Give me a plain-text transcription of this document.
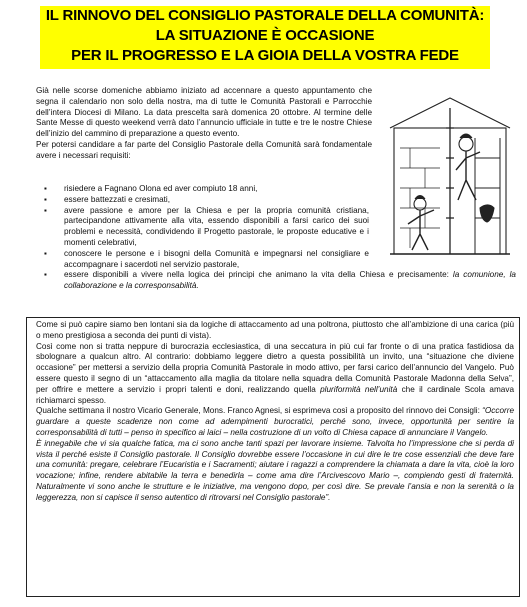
IL RINNOVO DEL CONSIGLIO PASTORALE DELLA COMUNITÀ:
LA SITUAZIONE È OCCASIONE
PER IL PROGRESSO E LA GIOIA DELLA VOSTRA FEDE

Già nelle scorse domeniche abbiamo iniziato ad accennare a questo appuntamento che segna il calendario non solo della nostra, ma di tutte le Comunità Pastorali e Parrocchie dell’intera Diocesi di Milano. La data prescelta sarà domenica 20 ottobre. Al termine delle Sante Messe di questo weekend verrà dato l’annuncio ufficiale in tutte e tre le nostre Chiese dell’inizio del cammino di preparazione a questo evento.

Per potersi candidare a far parte del Consiglio Pastorale della Comunità sarà fondamentale avere i necessari requisiti:

▪ risiedere a Fagnano Olona ed aver compiuto 18 anni,
▪ essere battezzati e cresimati,
▪ avere passione e amore per la Chiesa e per la propria comunità cristiana, partecipandone attivamente alla vita, essendo disponibili a farsi carico dei suoi problemi e necessità, condividendo il Progetto pastorale, le proposte educative e i momenti celebrativi,
▪ conoscere le persone e i bisogni della Comunità e impegnarsi nel consigliare e accompagnare i sacerdoti nel servizio pastorale,
▪ essere disponibili a vivere nella logica dei principi che animano la vita della Chiesa e precisamente: la comunione, la collaborazione e la corresponsabilità.

Come si può capire siamo ben lontani sia da logiche di attaccamento ad una poltrona, piuttosto che all’ambizione di una carica (più o meno prestigiosa a seconda dei punti di vista).

Così come non si tratta neppure di burocrazia ecclesiastica, di una seccatura in più cui far fronte o di una pratica fastidiosa da sbolognare a qualcun altro. Al contrario: dobbiamo leggere dietro a questa possibilità un invito, una “situazione che diviene occasione” per mettersi a servizio della propria Comunità Pastorale in modo attivo, per farsi carico dell’annuncio del Vangelo. Può essere questo il segno di un “attaccamento alla maglia da titolare nella squadra della Comunità Pastorale Madonna della Selva”, per offrire e mettere a servizio i propri talenti e doni, realizzando quella pluriformità nell’unità che il cardinale Scola amava richiamarci spesso.

Qualche settimana il nostro Vicario Generale, Mons. Franco Agnesi, si esprimeva così a proposito del rinnovo dei Consigli: “Occorre guardare a queste scadenze non come ad adempimenti burocratici, perché sono, invece, opportunità per sentire la corresponsabilità di tutti – penso in specifico ai laici – nella costruzione di un volto di Chiesa capace di annunciare il Vangelo.

È innegabile che vi sia qualche fatica, ma ci sono anche tanti spazi per lavorare insieme. Talvolta ho l’impressione che si perda di vista il perché esiste il Consiglio pastorale. Il Consiglio dovrebbe essere l’occasione in cui dire le tre cose essenziali che deve fare una comunità: pregare, celebrare l’Eucaristia e i Sacramenti; aiutare i ragazzi a comprendere la chiamata a dare la vita, cioè la loro vocazione; infine, rendere abitabile la terra e benedirla – come ama dire l’Arcivescovo Mario –, compiendo gesti di fraternità. Naturalmente vi sono anche le strutture e le iniziative, ma vengono dopo, per così dire. Se prevale l’ansia e non la serenità o la leggerezza, non si capisce il senso autentico di ritrovarsi nel Consiglio pastorale”.
